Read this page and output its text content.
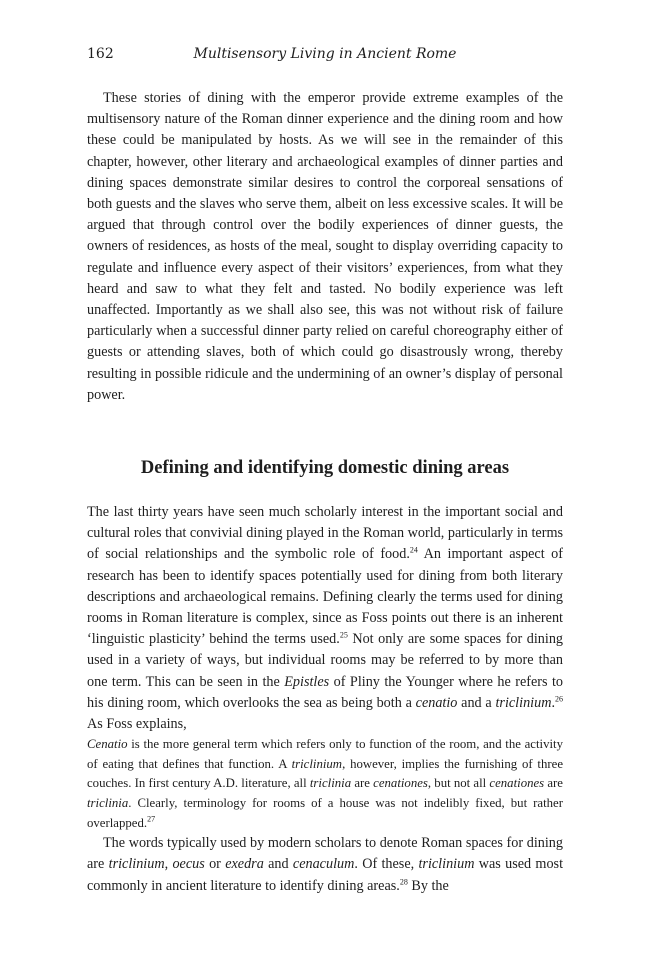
162	Multisensory Living in Ancient Rome

These stories of dining with the emperor provide extreme examples of the multisensory nature of the Roman dinner experience and the dining room and how these could be manipulated by hosts. As we will see in the remainder of this chapter, however, other literary and archaeological examples of dinner parties and dining spaces demonstrate similar desires to control the corporeal sensations of both guests and the slaves who serve them, albeit on less excessive scales. It will be argued that through control over the bodily experiences of dinner guests, the owners of residences, as hosts of the meal, sought to display overriding capacity to regulate and influence every aspect of their visitors’ experiences, from what they heard and saw to what they felt and tasted. No bodily experience was left unaffected. Importantly as we shall also see, this was not without risk of failure particularly when a successful dinner party relied on careful choreography either of guests or attending slaves, both of which could go disastrously wrong, thereby resulting in possible ridicule and the undermining of an owner’s display of personal power.

Defining and identifying domestic dining areas

The last thirty years have seen much scholarly interest in the important social and cultural roles that convivial dining played in the Roman world, particularly in terms of social relationships and the symbolic role of food.$^{24}$ An important aspect of research has been to identify spaces potentially used for dining from both literary descriptions and archaeological remains. Defining clearly the terms used for dining rooms in Roman literature is complex, since as Foss points out there is an inherent ‘linguistic plasticity’ behind the terms used.$^{25}$ Not only are some spaces for dining used in a variety of ways, but individual rooms may be referred to by more than one term. This can be seen in the Epistles of Pliny the Younger where he refers to his dining room, which overlooks the sea as being both a cenatio and a triclinium.$^{26}$ As Foss explains,

Cenatio is the more general term which refers only to function of the room, and the activity of eating that defines that function. A triclinium, however, implies the furnishing of three couches. In first century A.D. literature, all triclinia are cenationes, but not all cenationes are triclinia. Clearly, terminology for rooms of a house was not indelibly fixed, but rather overlapped.$^{27}$

The words typically used by modern scholars to denote Roman spaces for dining are triclinium, oecus or exedra and cenaculum. Of these, triclinium was used most commonly in ancient literature to identify dining areas.$^{28}$ By the
